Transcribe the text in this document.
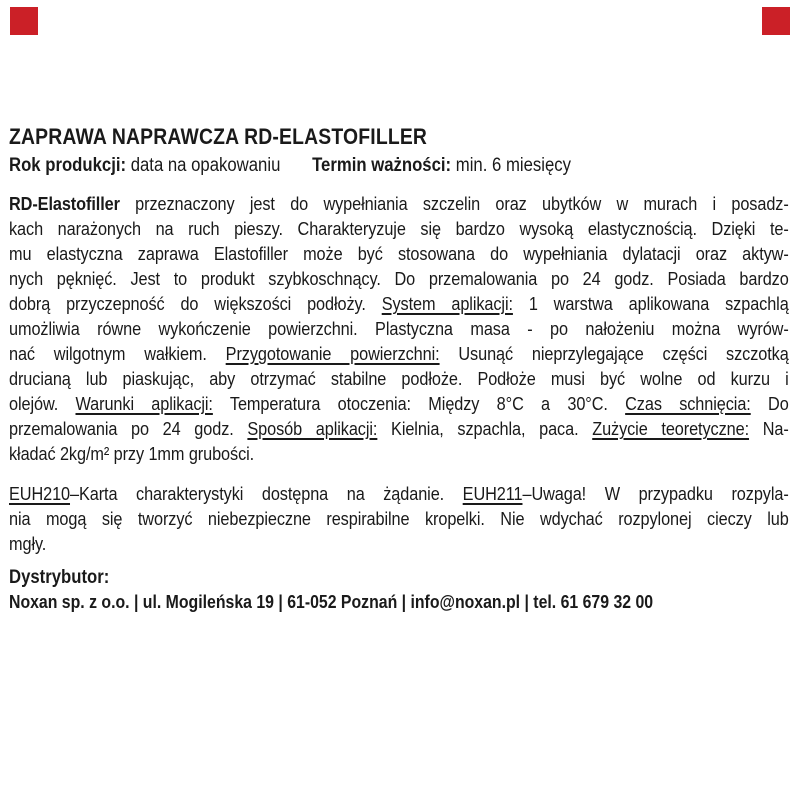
ZAPRAWA NAPRAWCZA RD-ELASTOFILLER
Rok produkcji: data na opakowaniu Termin ważności: min. 6 miesięcy
RD-Elastofiller przeznaczony jest do wypełniania szczelin oraz ubytków w murach i posadz-
kach narażonych na ruch pieszy. Charakteryzuje się bardzo wysoką elastycznością. Dzięki te-
mu elastyczna zaprawa Elastofiller może być stosowana do wypełniania dylatacji oraz aktyw-
nych pęknięć. Jest to produkt szybkoschnący. Do przemalowania po 24 godz. Posiada bardzo
dobrą przyczepność do większości podłoży. System aplikacji: 1 warstwa aplikowana szpachlą
umożliwia równe wykończenie powierzchni. Plastyczna masa - po nałożeniu można wyrów-
nać wilgotnym wałkiem. Przygotowanie powierzchni: Usunąć nieprzylegające części szczotką
drucianą lub piaskując, aby otrzymać stabilne podłoże. Podłoże musi być wolne od kurzu i
olejów. Warunki aplikacji: Temperatura otoczenia: Między 8°C a 30°C. Czas schnięcia: Do
przemalowania po 24 godz. Sposób aplikacji: Kielnia, szpachla, paca. Zużycie teoretyczne: Na-
kładać 2kg/m² przy 1mm grubości.
EUH210–Karta charakterystyki dostępna na żądanie. EUH211–Uwaga! W przypadku rozpyla-
nia mogą się tworzyć niebezpieczne respirabilne kropelki. Nie wdychać rozpylonej cieczy lub
mgły.
Dystrybutor:
Noxan sp. z o.o. | ul. Mogileńska 19 | 61-052 Poznań | info@noxan.pl | tel. 61 679 32 00
